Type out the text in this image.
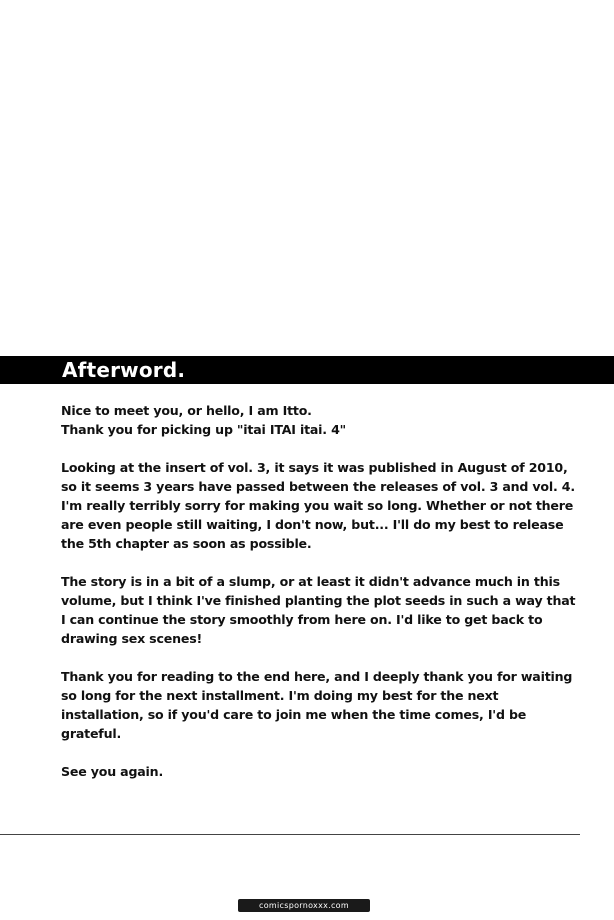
Afterword.

Nice to meet you, or hello, I am Itto.
Thank you for picking up "itai ITAI itai. 4"

Looking at the insert of vol. 3, it says it was published in August of 2010, so it seems 3 years have passed between the releases of vol. 3 and vol. 4. I'm really terribly sorry for making you wait so long. Whether or not there are even people still waiting, I don't now, but... I'll do my best to release the 5th chapter as soon as possible.

The story is in a bit of a slump, or at least it didn't advance much in this volume, but I think I've finished planting the plot seeds in such a way that I can continue the story smoothly from here on. I'd like to get back to drawing sex scenes!

Thank you for reading to the end here, and I deeply thank you for waiting so long for the next installment. I'm doing my best for the next installation, so if you'd care to join me when the time comes, I'd be grateful.

See you again.

comicspornoxxx.com
